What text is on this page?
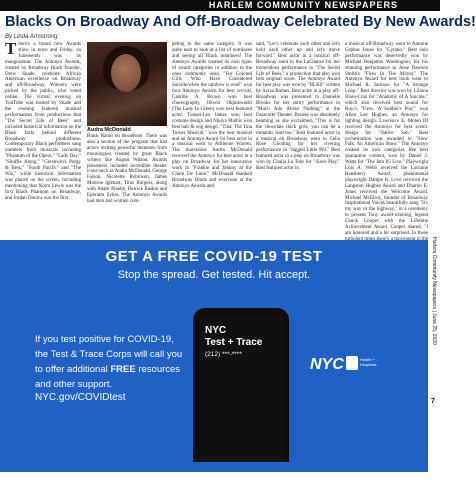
HARLEM COMMUNITY NEWSPAPERS
Blacks On Broadway And Off-Broadway Celebrated By New Awards!
By Linda Armstrong
There's a brand new Awards show in town and Friday, on Juneteenth was its inauguration. The Antonyo Awards, created by Broadway Black founder, Drew Shade, celebrate African American excellence on Broadway and off-Broadway. Winners were picked by the public, who voted online. The virtual evening on YouTube was hosted by Shade and the evening featured musical performances from productions that "The Secret Life of Bees" and included historical information on the Black facts behind different Broadway productions. Contemporary Black performers sang numbers from musicals including "Phantom of the Opera," "Lady Day," "Shuffle Along," "Gershwin's Porgy & Bess," "South Pacific" and "The Wiz," while historical information was placed on the screen, including mentioning that Norm Lewis was the first Black Phantom on Broadway, and Jordan Donica was the first
Audra McDonald
Black Raoul on Broadway. There was also a section of the program that had actors reciting powerful moments from monologues created by great Black writers like August Wilson. Awards presenters included incredible theater icons such as Audra McDonald, George Faison, Nicolette Robinson, James Monroe Iglehart, Titus Burgess, along with Adam Abadie, Derrick Baskin and Ephraim Sykes. The Antonyo Awards had men and women com-
peting in the same category. It was quite neat to look at a list of nominees and seeing all Black nominees! The Antonyo Awards created its own types of award categories in addition to the ones commonly used. "For Colored Girls Who Have Considered Suicide/when the rainbow is enuf" won four Antonyo Awards for best revival, Camille A. Brown won best choreography, Okwui Okpokwasili (The Lady In Green) won best featured actor, Tonnet-Lee James won best costume design and Nikiya Mathis won best hair & wig design. "Tina: The Tina Turner Musical," won the best musical and an Antonyo Award for best actor in a musical went to Adrienne Warren. The marvelous Audra McDonald received the Antonyo for best actor in a play on Broadway for her innovative work in "Frankie and Johnny at the Claire De Lune." McDonald thanked Broadway Black and everyone at the Antonyo Awards and
said, "Let's celebrate each other and let's hold each other up and let's move forward." Best actor in a musical off-Broadway went to the LaChanze for her tremendous performance in "The Secret Life of Bees," a production that also won best original score. The Antonyo Award for best play was won by "BLKS" written by Aziza Barnes. Best actor in a play off-Broadway was presented to Danielle Brooks for her sultry performance in "Much Ado About Nothing" at the Delacorte Theater. Brooks was absolutely beaming as she exclaimed, "This is for the chocolate thick girls, you can be a romantic lead too." Best featured actor in a musical on Broadway went to Celia Rose Gooding for her riveting performance in "Jagged Little Pill." Best featured actor in a play on Broadway was won by Chalia La Tour for "Slave Play." Best featured actor in
a musical off-Broadway went to Antoine Cephas Jones for "Cyrano." Best solo performance was deservedly won by Michael Benjamin Washington, for his stunning performance as Jesse Dawson Smith's "Fires In The Mirror." The Antonyo Award for best book went to Michael R. Jackson for "A Strange Loop." Best director was won by Liliana Blain-Cruz for "Anatomy of A Suicide," which also received best sound for Ruyi's "Fires. 'A Soldier's Play'" won Allen Lee Hughes, an Antonyo for lighting design. Lawrence E. Moten III received the Antonyo for best scenic design for "Native Son." Best orchestration was awarded to "Slow Falk: An American Show." The Antonyo created its own categories like best quarantine content, won by Daniel J. Watts for "The Jam IG Live." Playwright Lois A. Webb received the Lorraine Hansberry Award, phenomenal playwright Dampe R. Love received the Langston Hughes Award and Dharon E. Jones received the Welcome Award. Michael McElroy, founder of Broadway Inspirational Voices beautifully sang "It's my way or the highway," in a ceremony to present Tony award-winning, legend Chuck Cooper with the Lifetime Achievement Award. Cooper shared, "I am honored and a bit surprised. In these
GET A FREE COVID-19 TEST
Stop the spread. Get tested. Hit accept.
If you test positive for COVID-19, the Test & Trace Corps will call you to offer additional FREE resources and other support.
NYC.gov/COVIDtest
NYC
Test + Trace
(212) ***-****
NYC	Health + Hospitals
Harlem Community Newspapers | June 25, 2020
7
